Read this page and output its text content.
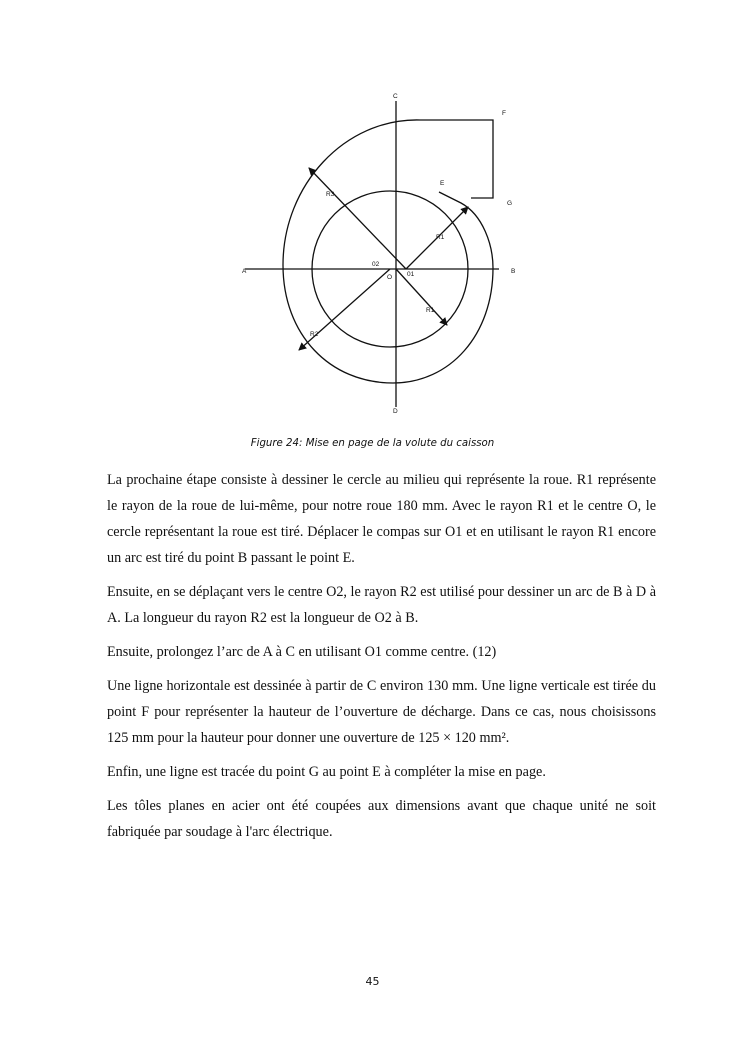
C
F
E
G
R3
R1
A	B
02
O 01
R1
R2
D
Figure 24: Mise en page de la volute du caisson

La prochaine étape consiste à dessiner le cercle au milieu qui représente la roue. R1 représente le rayon de la roue de lui-même, pour notre roue 180 mm. Avec le rayon R1 et le centre O, le cercle représentant la roue est tiré. Déplacer le compas sur O1 et en utilisant le rayon R1 encore un arc est tiré du point B passant le point E.

Ensuite, en se déplaçant vers le centre O2, le rayon R2 est utilisé pour dessiner un arc de B à D à A. La longueur du rayon R2 est la longueur de O2 à B.

Ensuite, prolongez l’arc de A à C en utilisant O1 comme centre. (12)

Une ligne horizontale est dessinée à partir de C environ 130 mm. Une ligne verticale est tirée du point F pour représenter la hauteur de l’ouverture de décharge. Dans ce cas, nous choisissons 125 mm pour la hauteur pour donner une ouverture de 125 × 120 mm².

Enfin, une ligne est tracée du point G au point E à compléter la mise en page.

Les tôles planes en acier ont été coupées aux dimensions avant que chaque unité ne soit fabriquée par soudage à l'arc électrique.

45
